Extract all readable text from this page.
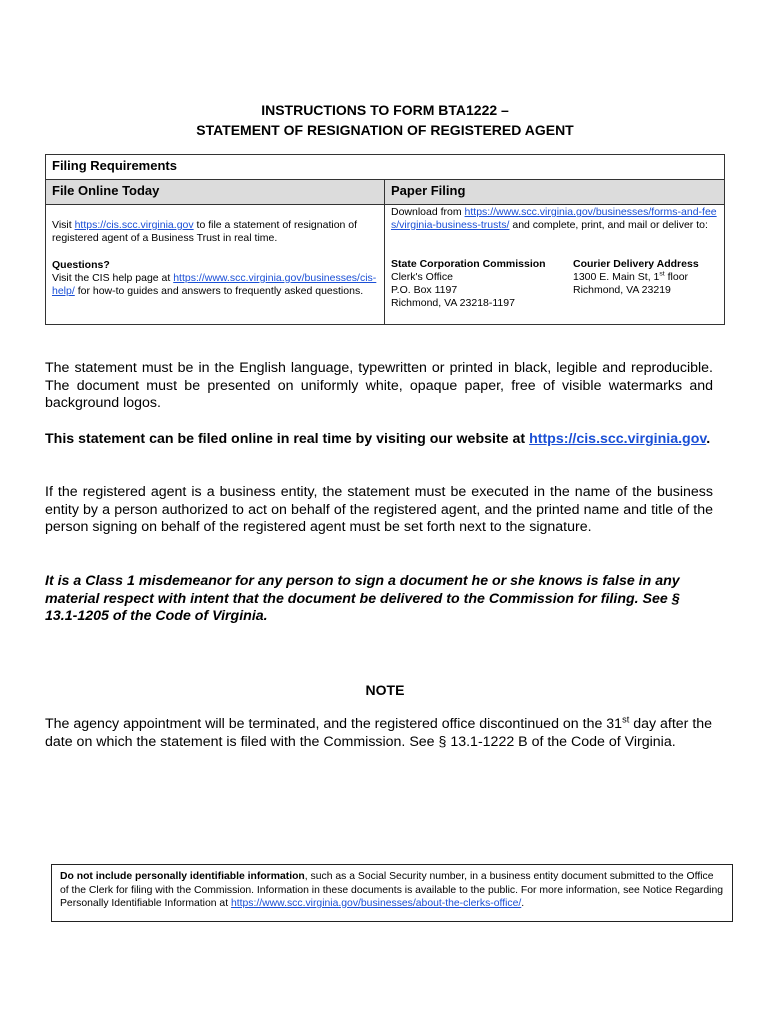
INSTRUCTIONS TO FORM BTA1222 –
STATEMENT OF RESIGNATION OF REGISTERED AGENT
Filing Requirements
File Online Today
Visit https://cis.scc.virginia.gov to file a statement of resignation of registered agent of a Business Trust in real time.
Questions?
Visit the CIS help page at https://www.scc.virginia.gov/businesses/cis-help/ for how-to guides and answers to frequently asked questions.
Paper Filing
Download from https://www.scc.virginia.gov/businesses/forms-and-fees/virginia-business-trusts/ and complete, print, and mail or deliver to:
State Corporation Commission
Clerk's Office
P.O. Box 1197
Richmond, VA 23218-1197
Courier Delivery Address
1300 E. Main St, 1st floor
Richmond, VA 23219
The statement must be in the English language, typewritten or printed in black, legible and reproducible. The document must be presented on uniformly white, opaque paper, free of visible watermarks and background logos.
This statement can be filed online in real time by visiting our website at https://cis.scc.virginia.gov.
If the registered agent is a business entity, the statement must be executed in the name of the business entity by a person authorized to act on behalf of the registered agent, and the printed name and title of the person signing on behalf of the registered agent must be set forth next to the signature.
It is a Class 1 misdemeanor for any person to sign a document he or she knows is false in any material respect with intent that the document be delivered to the Commission for filing. See § 13.1-1205 of the Code of Virginia.
NOTE
The agency appointment will be terminated, and the registered office discontinued on the 31st day after the date on which the statement is filed with the Commission. See § 13.1-1222 B of the Code of Virginia.
Do not include personally identifiable information, such as a Social Security number, in a business entity document submitted to the Office of the Clerk for filing with the Commission. Information in these documents is available to the public. For more information, see Notice Regarding Personally Identifiable Information at https://www.scc.virginia.gov/businesses/about-the-clerks-office/.
